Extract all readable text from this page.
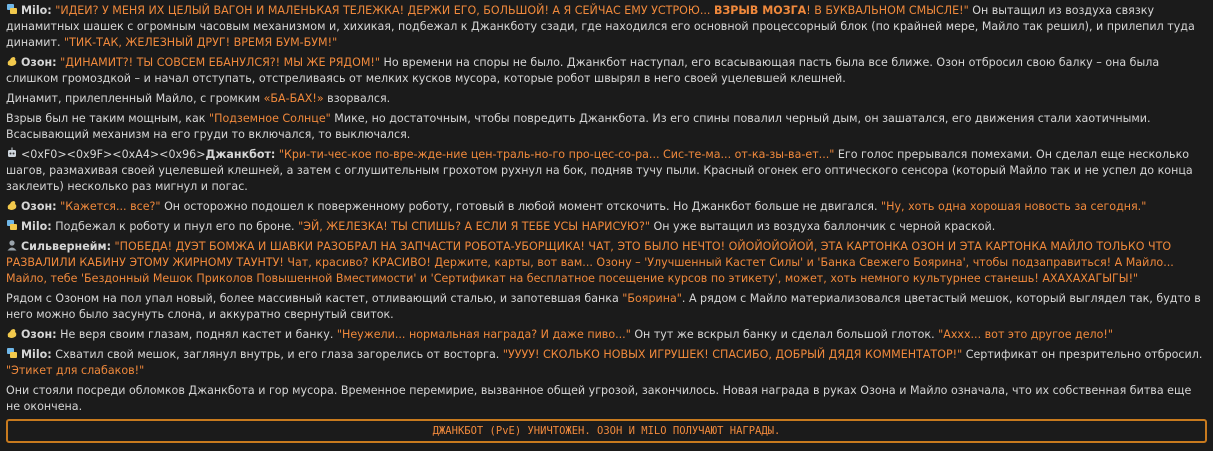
Milo: "ИДЕИ? У МЕНЯ ИХ ЦЕЛЫЙ ВАГОН И МАЛЕНЬКАЯ ТЕЛЕЖКА! ДЕРЖИ ЕГО, БОЛЬШОЙ! А Я СЕЙЧАС ЕМУ УСТРОЮ... ВЗРЫВ МОЗГА! В БУКВАЛЬНОМ СМЫСЛЕ!" Он вытащил из воздуха связку динамитных шашек с огромным часовым механизмом и, хихикая, подбежал к Джанкботу сзади, где находился его основной процессорный блок (по крайней мере, Майло так решил), и прилепил туда динамит. "ТИК-ТАК, ЖЕЛЕЗНЫЙ ДРУГ! ВРЕМЯ БУМ-БУМ!"
Озон: "ДИНАМИТ?! ТЫ СОВСЕМ ЕБАНУЛСЯ?! МЫ ЖЕ РЯДОМ!" Но времени на споры не было. Джанкбот наступал, его всасывающая пасть была все ближе. Озон отбросил свою балку – она была слишком громоздкой – и начал отступать, отстреливаясь от мелких кусков мусора, которые робот швырял в него своей уцелевшей клешней.
Динамит, прилепленный Майло, с громким «БА-БАХ!» взорвался.
Взрыв был не таким мощным, как "Подземное Солнце" Мике, но достаточным, чтобы повредить Джанкбота. Из его спины повалил черный дым, он зашатался, его движения стали хаотичными. Всасывающий механизм на его груди то включался, то выключался.
<0xF0><0x9F><0xA4><0x96>Джанкбот: "Кри-ти-чес-кое по-вре-жде-ние цен-траль-но-го про-цес-со-ра... Сис-те-ма... от-ка-зы-ва-ет..." Его голос прерывался помехами. Он сделал еще несколько шагов, размахивая своей уцелевшей клешней, а затем с оглушительным грохотом рухнул на бок, подняв тучу пыли. Красный огонек его оптического сенсора (который Майло так и не успел до конца заклеить) несколько раз мигнул и погас.
Озон: "Кажется... все?" Он осторожно подошел к поверженному роботу, готовый в любой момент отскочить. Но Джанкбот больше не двигался. "Ну, хоть одна хорошая новость за сегодня."
Milo: Подбежал к роботу и пнул его по броне. "ЭЙ, ЖЕЛЕЗКА! ТЫ СПИШЬ? А ЕСЛИ Я ТЕБЕ УСЫ НАРИСУЮ?" Он уже вытащил из воздуха баллончик с черной краской.
Сильвернейм: "ПОБЕДА! ДУЭТ БОМЖА И ШАВКИ РАЗОБРАЛ НА ЗАПЧАСТИ РОБОТА-УБОРЩИКА! ЧАТ, ЭТО БЫЛО НЕЧТО! ОЙОЙОЙОЙОЙ, ЭТА КАРТОНКА ОЗОН И ЭТА КАРТОНКА МАЙЛО ТОЛЬКО ЧТО РАЗВАЛИЛИ КАБИНУ ЭТОМУ ЖИРНОМУ ТАУНТУ! Чат, красиво? КРАСИВО! Держите, карты, вот вам... Озону – 'Улучшенный Кастет Силы' и 'Банка Свежего Боярина', чтобы подзаправиться! А Майло... Майло, тебе 'Бездонный Мешок Приколов Повышенной Вместимости' и 'Сертификат на бесплатное посещение курсов по этикету', может, хоть немного культурнее станешь! АХАХАХАГЫГЫ!"
Рядом с Озоном на пол упал новый, более массивный кастет, отливающий сталью, и запотевшая банка "Боярина". А рядом с Майло материализовался цветастый мешок, который выглядел так, будто в него можно было засунуть слона, и аккуратно свернутый свиток.
Озон: Не веря своим глазам, поднял кастет и банку. "Неужели... нормальная награда? И даже пиво..." Он тут же вскрыл банку и сделал большой глоток. "Аххх... вот это другое дело!"
Milo: Схватил свой мешок, заглянул внутрь, и его глаза загорелись от восторга. "УУУУ! СКОЛЬКО НОВЫХ ИГРУШЕК! СПАСИБО, ДОБРЫЙ ДЯДЯ КОММЕНТАТОР!" Сертификат он презрительно отбросил. "Этикет для слабаков!"
Они стояли посреди обломков Джанкбота и гор мусора. Временное перемирие, вызванное общей угрозой, закончилось. Новая награда в руках Озона и Майло означала, что их собственная битва еще не окончена.
ДЖАНКБОТ (PvE) УНИЧТОЖЕН. ОЗОН И MILO ПОЛУЧАЮТ НАГРАДЫ.
